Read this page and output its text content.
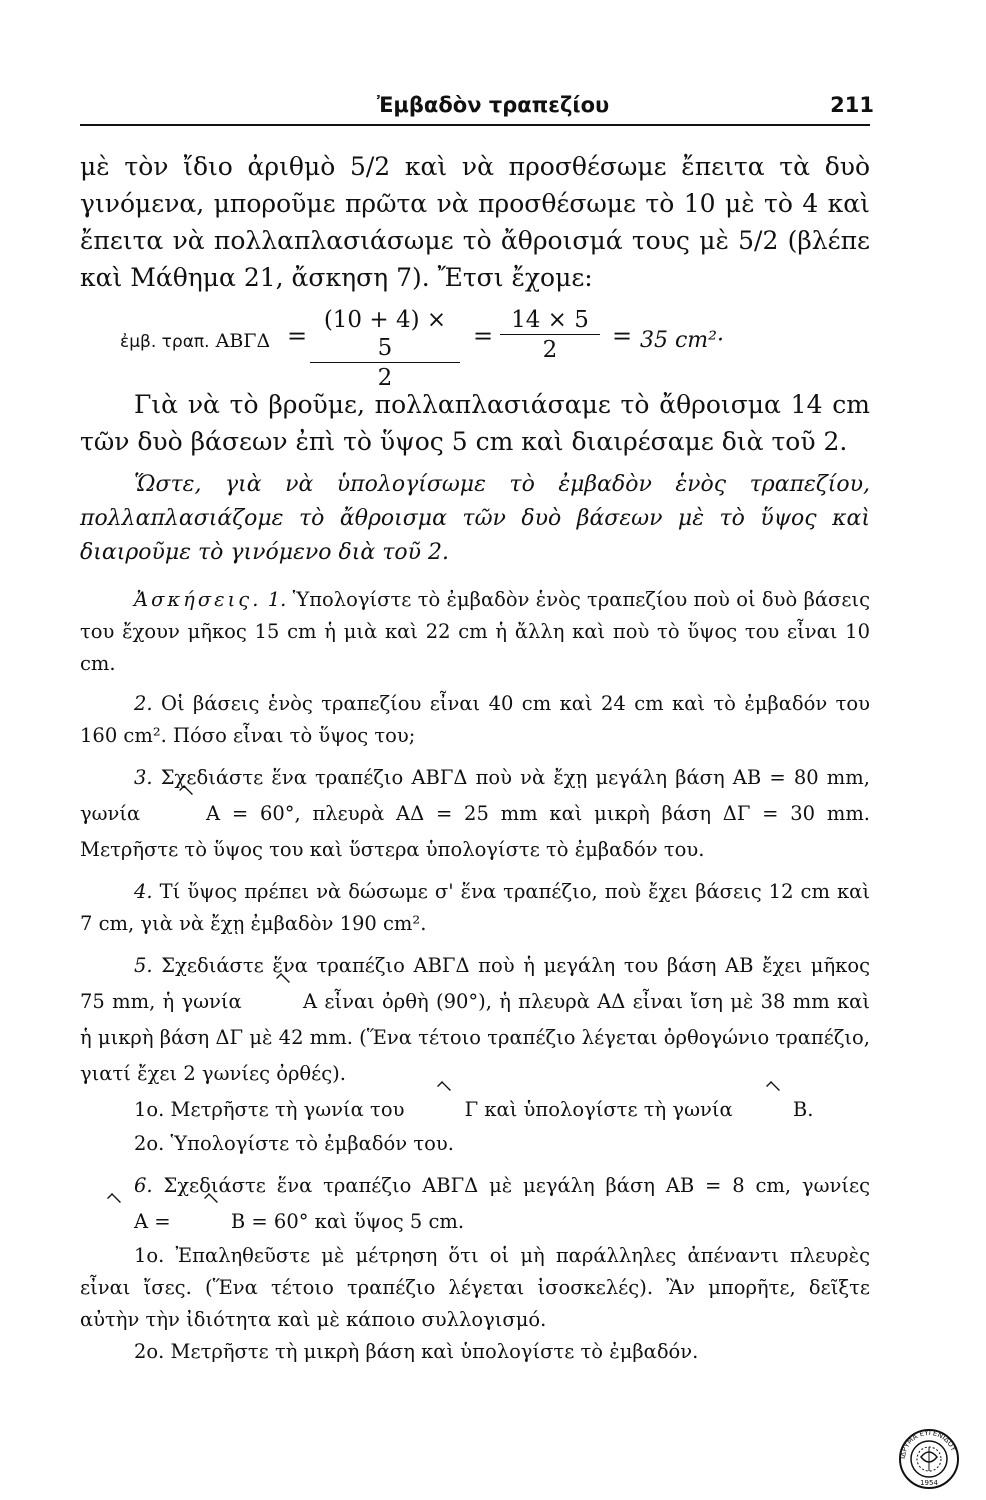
Ἐμβαδὸν τραπεζίου	211

μὲ τὸν ἴδιο ἀριθμὸ 5/2 καὶ νὰ προσθέσωμε ἔπειτα τὰ δυὸ γινόμενα, μποροῦμε πρῶτα νὰ προσθέσωμε τὸ 10 μὲ τὸ 4 καὶ ἔπειτα νὰ πολλαπλασιάσωμε τὸ ἄθροισμά τους μὲ 5/2 (βλέπε καὶ Μάθημα 21, ἄσκηση 7). Ἔτσι ἔχομε:

ἐμβ. τραπ. $AB\Gamma\Delta = \frac{(10 + 4) \times 5}{2} = \frac{14 \times 5}{2} = 35$ cm²·

Γιὰ νὰ τὸ βροῦμε, πολλαπλασιάσαμε τὸ ἄθροισμα 14 cm τῶν δυὸ βάσεων ἐπὶ τὸ ὕψος 5 cm καὶ διαιρέσαμε διὰ τοῦ 2.

Ὥστε, γιὰ νὰ ὑπολογίσωμε τὸ ἐμβαδὸν ἑνὸς τραπεζίου, πολλαπλασιάζομε τὸ ἄθροισμα τῶν δυὸ βάσεων μὲ τὸ ὕψος καὶ διαιροῦμε τὸ γινόμενο διὰ τοῦ 2.

Ἀσκήσεις. 1. Ὑπολογίστε τὸ ἐμβαδὸν ἑνὸς τραπεζίου ποὺ οἱ δυὸ βάσεις του ἔχουν μῆκος 15 cm ἡ μιὰ καὶ 22 cm ἡ ἄλλη καὶ ποὺ τὸ ὕψος του εἶναι 10 cm.

2. Οἱ βάσεις ἑνὸς τραπεζίου εἶναι 40 cm καὶ 24 cm καὶ τὸ ἐμβαδόν του 160 cm². Πόσο εἶναι τὸ ὕψος του;

3. Σχεδιάστε ἕνα τραπέζιο ΑΒΓΔ ποὺ νὰ ἔχῃ μεγάλη βάση ΑΒ = 80 mm, γωνία	Α = 60°, πλευρὰ ΑΔ = 25 mm καὶ μικρὴ βάση ΔΓ = 30 mm. Μετρῆστε τὸ ὕψος του καὶ ὕστερα ὑπολογίστε τὸ ἐμβαδόν του.

4. Τί ὕψος πρέπει νὰ δώσωμε σ' ἕνα τραπέζιο, ποὺ ἔχει βάσεις 12 cm καὶ 7 cm, γιὰ νὰ ἔχῃ ἐμβαδὸν 190 cm².

5. Σχεδιάστε ἕνα τραπέζιο ΑΒΓΔ ποὺ ἡ μεγάλη του βάση ΑΒ ἔχει μῆκος 75 mm, ἡ γωνία	Α εἶναι ὀρθὴ (90°), ἡ πλευρὰ ΑΔ εἶναι ἴση μὲ 38 mm καὶ ἡ μικρὴ βάση ΔΓ μὲ 42 mm. (Ἕνα τέτοιο τραπέζιο λέγεται ὀρθογώνιο τραπέζιο, γιατί ἔχει 2 γωνίες ὀρθές).

1ο. Μετρῆστε τὴ γωνία του	Γ καὶ ὑπολογίστε τὴ γωνία	Β.

2ο. Ὑπολογίστε τὸ ἐμβαδόν του.

6. Σχεδιάστε ἕνα τραπέζιο ΑΒΓΔ μὲ μεγάλη βάση ΑΒ = 8 cm, γωνίες Α =	Β = 60° καὶ ὕψος 5 cm.

1ο. Ἐπαληθεῦστε μὲ μέτρηση ὅτι οἱ μὴ παράλληλες ἀπέναντι πλευρὲς εἶναι ἴσες. (Ἕνα τέτοιο τραπέζιο λέγεται ἰσοσκελές). Ἂν μπορῆτε, δεῖξτε αὐτὴν τὴν ἰδιότητα καὶ μὲ κάποιο συλλογισμό.

2ο. Μετρῆστε τὴ μικρὴ βάση καὶ ὑπολογίστε τὸ ἐμβαδόν.

ΙΔΡΥΜΑ ΕΥΓΕΝΙΔΟΥ
1954
